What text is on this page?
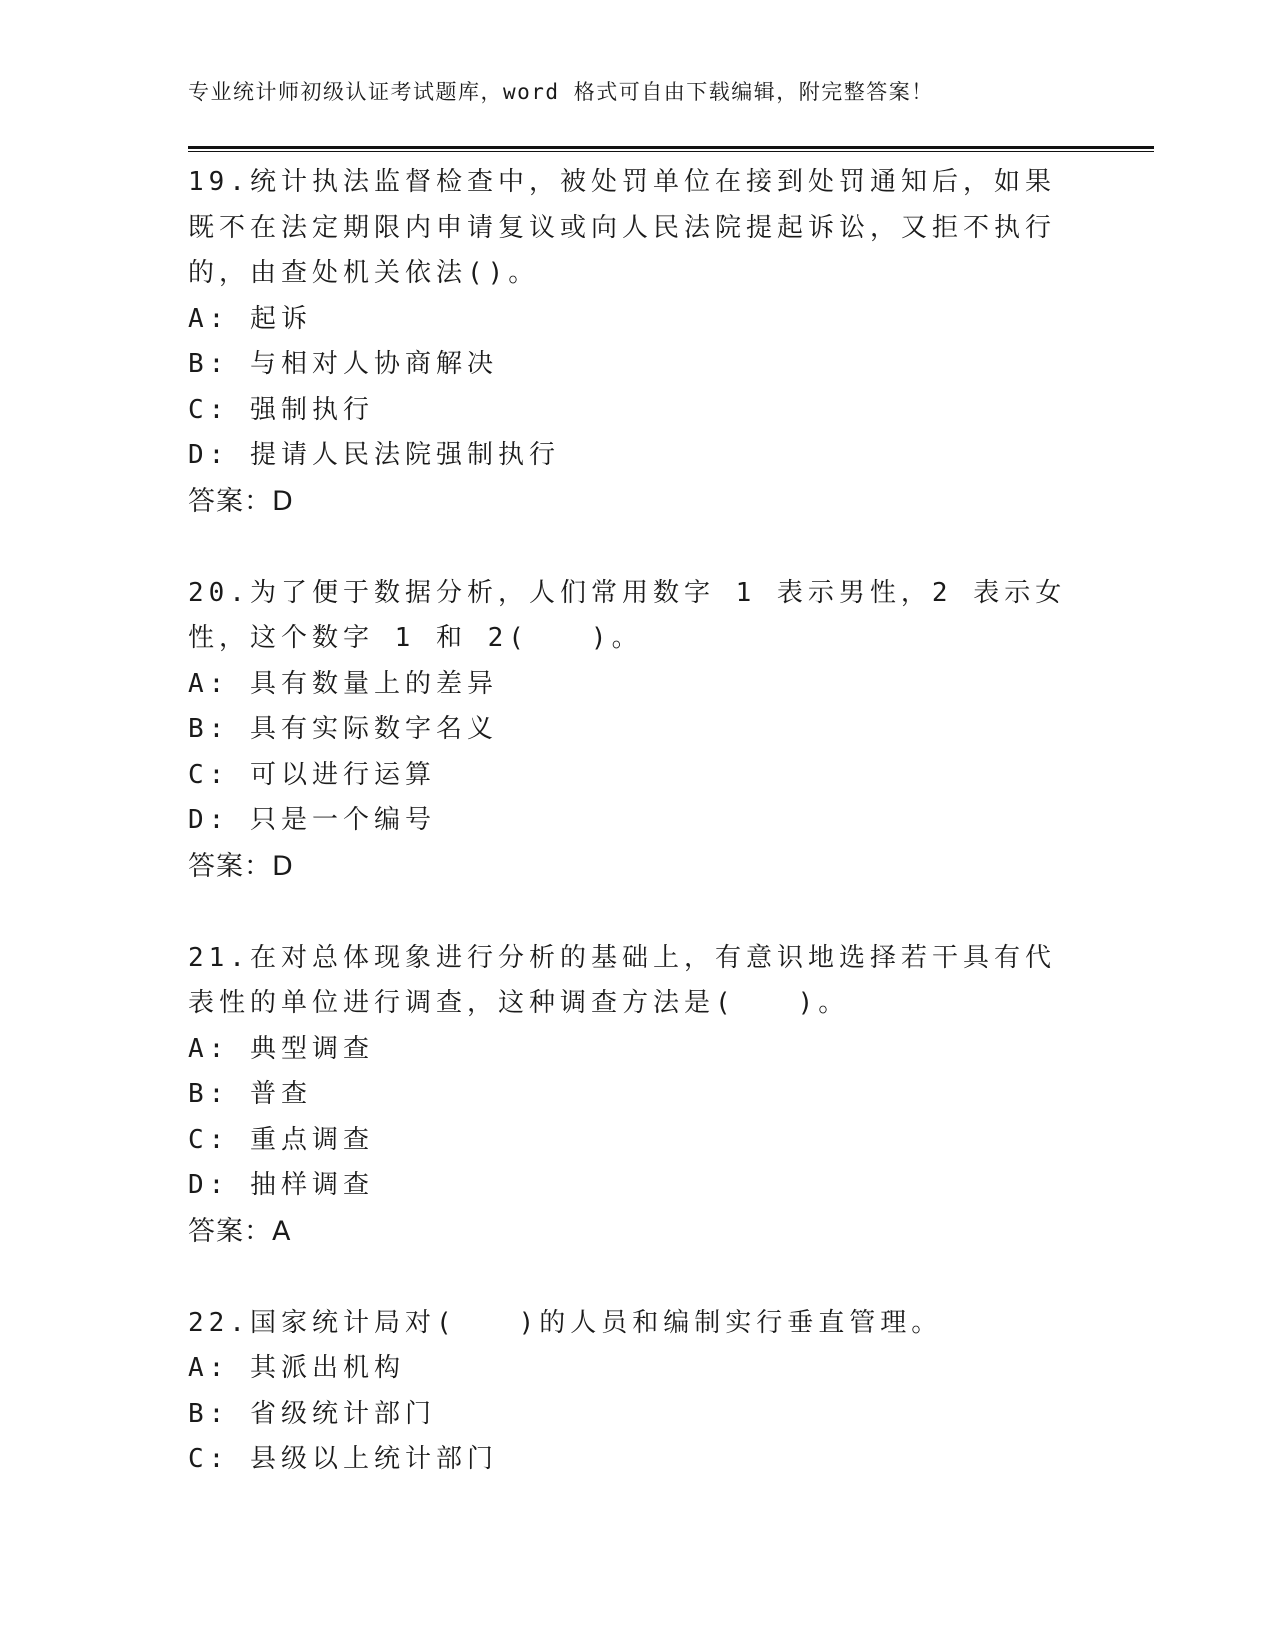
专业统计师初级认证考试题库，word 格式可自由下载编辑，附完整答案！
19.统计执法监督检查中，被处罚单位在接到处罚通知后，如果既不在法定期限内申请复议或向人民法院提起诉讼，又拒不执行的，由查处机关依法()。
A: 起诉
B: 与相对人协商解决
C: 强制执行
D: 提请人民法院强制执行
答案：D
20.为了便于数据分析，人们常用数字 1 表示男性，2 表示女性，这个数字 1 和 2(　　)。
A: 具有数量上的差异
B: 具有实际数字名义
C: 可以进行运算
D: 只是一个编号
答案：D
21.在对总体现象进行分析的基础上，有意识地选择若干具有代表性的单位进行调查，这种调查方法是(　　)。
A: 典型调查
B: 普查
C: 重点调查
D: 抽样调查
答案：A
22.国家统计局对(　　)的人员和编制实行垂直管理。
A: 其派出机构
B: 省级统计部门
C: 县级以上统计部门
